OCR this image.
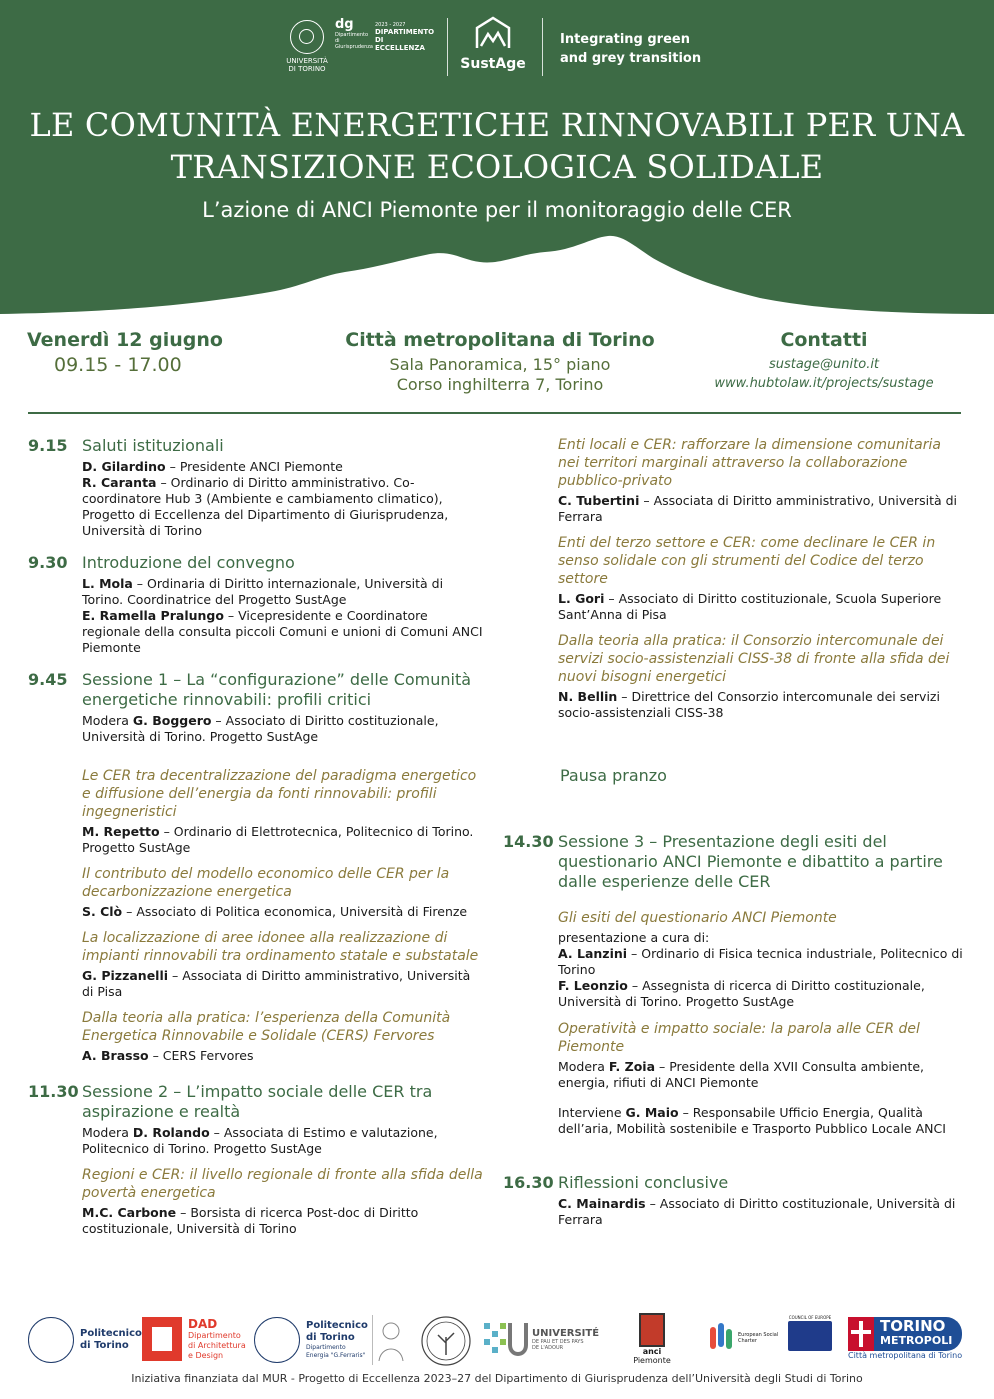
UNIVERSITÀ DI TORINO
dg
Dipartimento di Giurisprudenza
2023 - 2027
DIPARTIMENTO DI ECCELLENZA
SustAge
Integrating green
and grey transition
LE COMUNITÀ ENERGETICHE RINNOVABILI PER UNA
TRANSIZIONE ECOLOGICA SOLIDALE
L’azione di ANCI Piemonte per il monitoraggio delle CER
Venerdì 12 giugno
09.15 - 17.00
Città metropolitana di Torino
Sala Panoramica, 15° piano
Corso inghilterra 7, Torino
Contatti
sustage@unito.it
www.hubtolaw.it/projects/sustage
9.15 Saluti istituzionali
D. Gilardino – Presidente ANCI Piemonte
R. Caranta – Ordinario di Diritto amministrativo. Co-coordinatore Hub 3 (Ambiente e cambiamento climatico), Progetto di Eccellenza del Dipartimento di Giurisprudenza, Università di Torino
9.30 Introduzione del convegno
L. Mola – Ordinaria di Diritto internazionale, Università di Torino. Coordinatrice del Progetto SustAge
E. Ramella Pralungo – Vicepresidente e Coordinatore regionale della consulta piccoli Comuni e unioni di Comuni ANCI Piemonte
9.45 Sessione 1 – La “configurazione” delle Comunità energetiche rinnovabili: profili critici
Modera G. Boggero – Associato di Diritto costituzionale, Università di Torino. Progetto SustAge
Le CER tra decentralizzazione del paradigma energetico e diffusione dell’energia da fonti rinnovabili: profili ingegneristici
M. Repetto – Ordinario di Elettrotecnica, Politecnico di Torino. Progetto SustAge
Il contributo del modello economico delle CER per la decarbonizzazione energetica
S. Clò – Associato di Politica economica, Università di Firenze
La localizzazione di aree idonee alla realizzazione di impianti rinnovabili tra ordinamento statale e substatale
G. Pizzanelli – Associata di Diritto amministrativo, Università di Pisa
Dalla teoria alla pratica: l’esperienza della Comunità Energetica Rinnovabile e Solidale (CERS) Fervores
A. Brasso – CERS Fervores
11.30 Sessione 2 – L’impatto sociale delle CER tra aspirazione e realtà
Modera D. Rolando – Associata di Estimo e valutazione, Politecnico di Torino. Progetto SustAge
Regioni e CER: il livello regionale di fronte alla sfida della povertà energetica
M.C. Carbone – Borsista di ricerca Post-doc di Diritto costituzionale, Università di Torino
Enti locali e CER: rafforzare la dimensione comunitaria nei territori marginali attraverso la collaborazione pubblico-privato
C. Tubertini – Associata di Diritto amministrativo, Università di Ferrara
Enti del terzo settore e CER: come declinare le CER in senso solidale con gli strumenti del Codice del terzo settore
L. Gori – Associato di Diritto costituzionale, Scuola Superiore Sant’Anna di Pisa
Dalla teoria alla pratica: il Consorzio intercomunale dei servizi socio-assistenziali CISS-38 di fronte alla sfida dei nuovi bisogni energetici
N. Bellin – Direttrice del Consorzio intercomunale dei servizi socio-assistenziali CISS-38
Pausa pranzo
14.30 Sessione 3 – Presentazione degli esiti del questionario ANCI Piemonte e dibattito a partire dalle esperienze delle CER
Gli esiti del questionario ANCI Piemonte
presentazione a cura di:
A. Lanzini – Ordinario di Fisica tecnica industriale, Politecnico di Torino
F. Leonzio – Assegnista di ricerca di Diritto costituzionale, Università di Torino. Progetto SustAge
Operatività e impatto sociale: la parola alle CER del Piemonte
Modera F. Zoia – Presidente della XVII Consulta ambiente, energia, rifiuti di ANCI Piemonte
Interviene G. Maio – Responsabile Ufficio Energia, Qualità dell’aria, Mobilità sostenibile e Trasporto Pubblico Locale ANCI
16.30 Riflessioni conclusive
C. Mainardis – Associato di Diritto costituzionale, Università di Ferrara
Politecnico di Torino
DAD
Dipartimento di Architettura e Design
Politecnico di Torino
Dipartimento Energia "G.Ferraris"
UNIVERSITÉ
DE PAU ET DES PAYS DE L'ADOUR	anci
Piemonte
European Social Charter
COUNCIL OF EUROPE	TORINO
METROPOLI
Città metropolitana di Torino
Iniziativa finanziata dal MUR - Progetto di Eccellenza 2023–27 del Dipartimento di Giurisprudenza dell’Università degli Studi di Torino
